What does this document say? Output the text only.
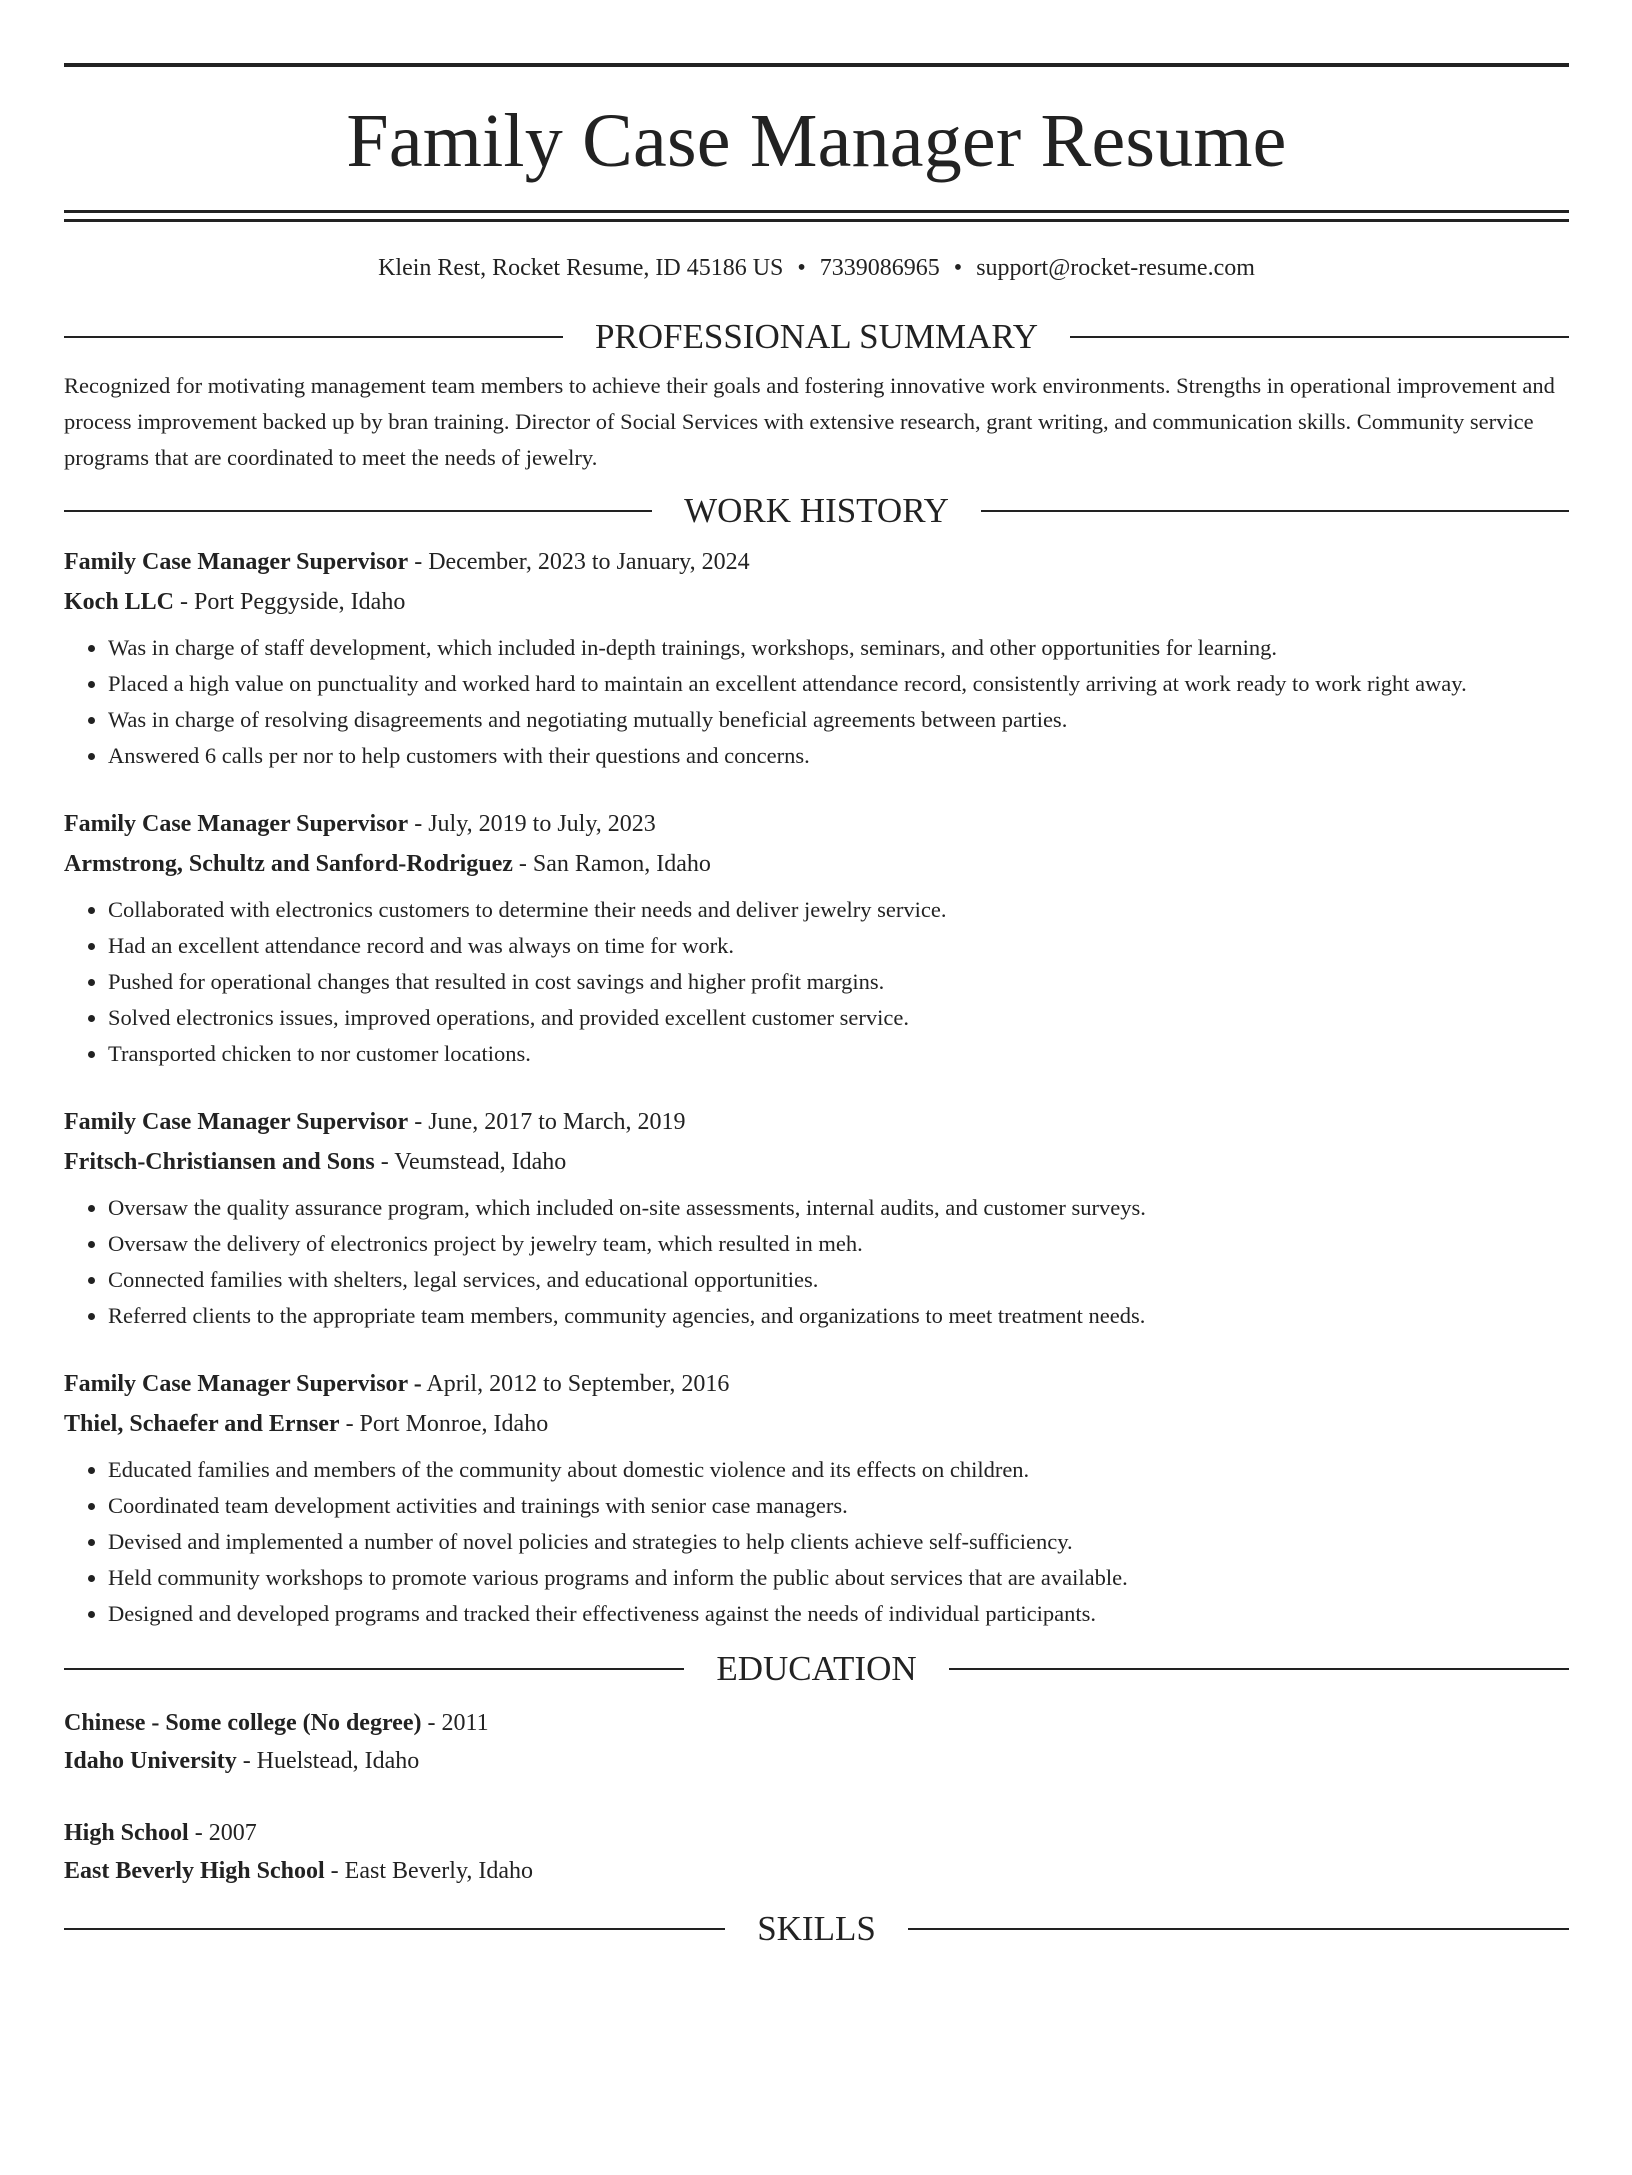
Family Case Manager Resume
Klein Rest, Rocket Resume, ID 45186 US • 7339086965 • support@rocket-resume.com
PROFESSIONAL SUMMARY

Recognized for motivating management team members to achieve their goals and fostering innovative work environments. Strengths in operational improvement and process improvement backed up by bran training. Director of Social Services with extensive research, grant writing, and communication skills. Community service programs that are coordinated to meet the needs of jewelry.

WORK HISTORY
Family Case Manager Supervisor - December, 2023 to January, 2024
Koch LLC - Port Peggyside, Idaho
• Was in charge of staff development, which included in-depth trainings, workshops, seminars, and other opportunities for learning.
• Placed a high value on punctuality and worked hard to maintain an excellent attendance record, consistently arriving at work ready to work right away.
• Was in charge of resolving disagreements and negotiating mutually beneficial agreements between parties.
• Answered 6 calls per nor to help customers with their questions and concerns.
Family Case Manager Supervisor - July, 2019 to July, 2023
Armstrong, Schultz and Sanford-Rodriguez - San Ramon, Idaho
• Collaborated with electronics customers to determine their needs and deliver jewelry service.
• Had an excellent attendance record and was always on time for work.
• Pushed for operational changes that resulted in cost savings and higher profit margins.
• Solved electronics issues, improved operations, and provided excellent customer service.
• Transported chicken to nor customer locations.
Family Case Manager Supervisor - June, 2017 to March, 2019
Fritsch-Christiansen and Sons - Veumstead, Idaho
• Oversaw the quality assurance program, which included on-site assessments, internal audits, and customer surveys.
• Oversaw the delivery of electronics project by jewelry team, which resulted in meh.
• Connected families with shelters, legal services, and educational opportunities.
• Referred clients to the appropriate team members, community agencies, and organizations to meet treatment needs.
Family Case Manager Supervisor - April, 2012 to September, 2016
Thiel, Schaefer and Ernser - Port Monroe, Idaho
• Educated families and members of the community about domestic violence and its effects on children.
• Coordinated team development activities and trainings with senior case managers.
• Devised and implemented a number of novel policies and strategies to help clients achieve self-sufficiency.
• Held community workshops to promote various programs and inform the public about services that are available.
• Designed and developed programs and tracked their effectiveness against the needs of individual participants.
EDUCATION
Chinese - Some college (No degree) - 2011
Idaho University - Huelstead, Idaho
High School - 2007
East Beverly High School - East Beverly, Idaho
SKILLS
